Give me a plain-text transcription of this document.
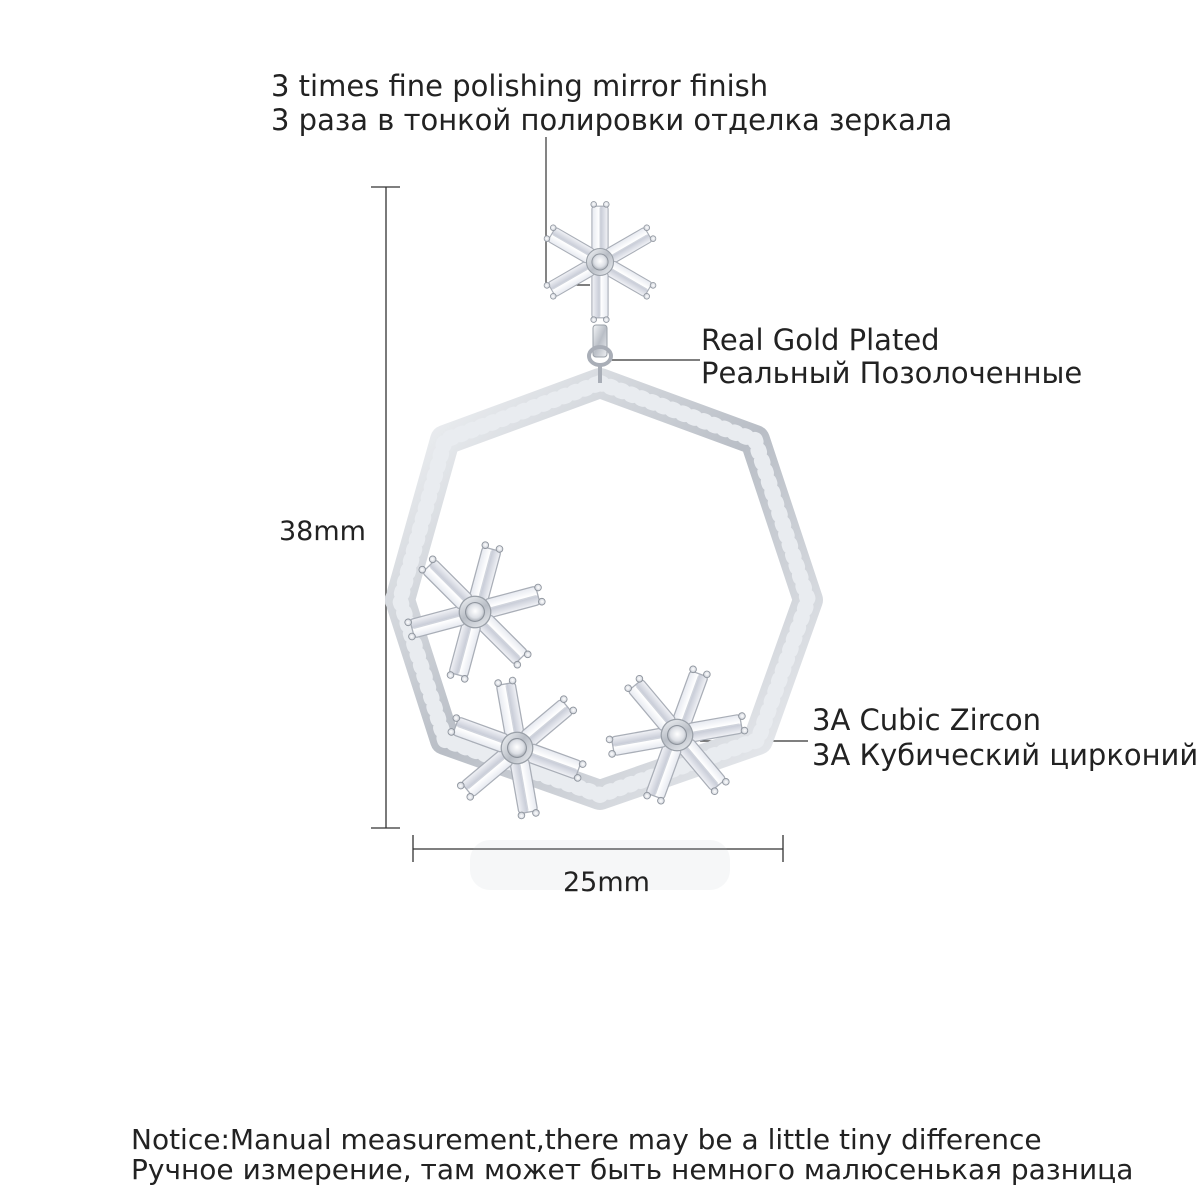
3 times fine polishing mirror finish
3 раза в тонкой полировки отделка зеркала
Real Gold Plated
Реальный Позолоченные
3A Cubic Zircon
3A Кубический цирконий
38mm
25mm
Notice:Manual measurement,there may be a little tiny difference
Ручное измерение, там может быть немного малюсенькая разница
